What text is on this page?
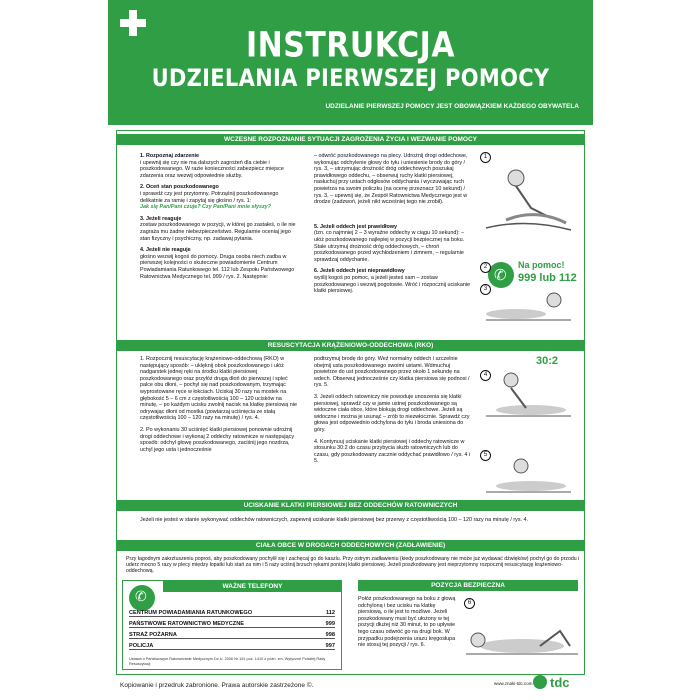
INSTRUKCJA
UDZIELANIA PIERWSZEJ POMOCY
UDZIELANIE PIERWSZEJ POMOCY JEST OBOWIĄZKIEM KAŻDEGO OBYWATELA
WCZESNE ROZPOZNANIE SYTUACJI ZAGROŻENIA ŻYCIA I WEZWANIE POMOCY
1. Rozpoznaj zdarzenie
i upewnij się czy nie ma dalszych zagrożeń dla ciebie i poszkodowanego. W razie konieczności zabezpiecz miejsce zdarzenia oraz wezwij odpowiednie służby.
2. Oceń stan poszkodowanego
i sprawdź czy jest przytomny. Potrząśnij poszkodowanego delikatnie za ramię i zapytaj się głośno / rys. 1:
Jak się Pan/Pani czuje? Czy Pan/Pani mnie słyszy?
3. Jeżeli reaguje
zostaw poszkodowanego w pozycji, w której go zastałeś, o ile nie zagraża mu żadne niebezpieczeństwo. Regularnie oceniaj jego stan fizyczny i psychiczny, np. zadawaj pytania.
4. Jeżeli nie reaguje
głośno wezwij kogoś do pomocy. Druga osoba niech zadba w pierwszej kolejności o skuteczne powiadomienie Centrum Powiadamiania Ratunkowego tel. 112 lub Zespołu Państwowego Ratownictwa Medycznego tel. 999 / rys. 2. Następnie:
– odwróć poszkodowanego na plecy. Udrożnij drogi oddechowe, wykonując odchylenie głowy do tyłu i uniesienie brody do góry / rys. 3, – utrzymując drożność dróg oddechowych poszukaj prawidłowego oddechu, – obserwuj ruchy klatki piersiowej, nasłuchuj przy ustach odgłosów oddychania i wyczuwając ruch powietrza na swoim policzku (na ocenę przeznacz 10 sekund) / rys. 3, – upewnij się, że Zespół Ratownictwa Medycznego jest w drodze (zadzwoń, jeżeli nikt wcześniej tego nie zrobił).
5. Jeżeli oddech jest prawidłowy
(tzn. co najmniej 2 – 3 wyraźne oddechy w ciągu 10 sekund): – ułóż poszkodowanego najlepiej w pozycji bezpiecznej na boku. Stale utrzymuj drożność dróg oddechowych, – chroń poszkodowanego przed wychłodzeniem i zimnem, – regularnie sprawdzaj oddychanie.
6. Jeżeli oddech jest nieprawidłowy
wyślij kogoś po pomoc, a jeżeli jesteś sam – zostaw poszkodowanego i wezwij pogotowie. Wróć i rozpocznij uciskanie klatki piersiowej.
1
✆
Na pomoc!
999 lub 112
2
3
RESUSCYTACJA KRĄŻENIOWO-ODDECHOWA (RKO)
1. Rozpocznij resuscytację krążeniowo-oddechową (RKO) w następujący sposób: – uklęknij obok poszkodowanego i ułóż nadgarstek jednej ręki na środku klatki piersiowej poszkodowanego oraz przyłóż drugą dłoń do pierwszej i spleć palce obu dłoni, – pochyl się nad poszkodowanym, trzymając wyprostowane ręce w łokciach. Uciskaj 30 razy na mostek na głębokość 5 – 6 cm z częstotliwością 100 – 120 ucisków na minutę, – po każdym ucisku zwolnij nacisk na klatkę piersiową nie odrywając dłoni od mostka (powtarzaj uciśnięcia ze stałą częstotliwością 100 – 120 razy na minutę) / rys. 4.
2. Po wykonaniu 30 uciśnięć klatki piersiowej ponownie udrożnij drogi oddechowe i wykonaj 2 oddechy ratownicze w następujący sposób: odchyl głowę poszkodowanego, zaciśnij jego nozdrza, uchyl jego usta i jednocześnie
podtrzymuj brodę do góry. Weź normalny oddech i szczelnie obejmij usta poszkodowanego swoimi ustami. Wdmuchuj powietrze do ust poszkodowanego przez około 1 sekundę na wdech. Obserwuj jednocześnie czy klatka piersiowa się podnosi / rys. 5.
3. Jeżeli oddech ratowniczy nie powoduje unoszenia się klatki piersiowej, sprawdź czy w jamie ustnej poszkodowanego są widoczne ciała obce, które blokują drogi oddechowe. Jeżeli są widoczne i można je usunąć – zrób to niezwłocznie. Sprawdź czy głowa jest odpowiednio odchylona do tyłu i broda uniesiona do góry.
4. Kontynuuj uciskanie klatki piersiowej i oddechy ratownicze w stosunku 30:2 do czasu przybycia służb ratowniczych lub do czasu, gdy poszkodowany zacznie oddychać prawidłowo / rys. 4 i 5.
30:2
4
5
UCISKANIE KLATKI PIERSIOWEJ BEZ ODDECHÓW RATOWNICZYCH
Jeżeli nie jesteś w stanie wykonywać oddechów ratowniczych, zapewnij uciskanie klatki piersiowej bez przerwy z częstotliwością 100 – 120 razy na minutę / rys. 4.
CIAŁA OBCE W DROGACH ODDECHOWYCH (ZADŁAWIENIE)
WAŻNE TELEFONY
✆
CENTRUM POWIADAMIANIA RATUNKOWEGO	112
PAŃSTWOWE RATOWNICTWO MEDYCZNE	999
STRAŻ POŻARNA	998
POLICJA	997
Ustawa o Państwowym Ratownictwie Medycznym Dz.U. 2006 Nr 191 poz. 1410 z późn. zm. Wytyczne Polskiej Rady Resuscytacji
POZYCJA BEZPIECZNA
Połóż poszkodowanego na boku z głową odchyloną i bez ucisku na klatkę piersiową, o ile jest to możliwe. Jeżeli poszkodowany musi być ułożony w tej pozycji dłużej niż 30 minut, to po upływie tego czasu odwróć go na drugi bok. W przypadku podejrzenia urazu kręgosłupa nie stosuj tej pozycji / rys. 6.
6
Kopiowanie i przedruk zabronione. Prawa autorskie zastrzeżone ©.	www.znaki-tdc.com tdc
Przy łagodnym zakrztuszeniu poproś, aby poszkodowany pochylił się i zachęcaj go do kaszlu. Przy ostrym zadławieniu (kiedy poszkodowany nie może już wydawać dźwięków) pochyl go do przodu i uderz mocno 5 razy w plecy między łopatki lub stań za nim i 5 razy uciśnij brzuch rękami poniżej klatki piersiowej. Jeżeli poszkodowany jest nieprzytomny rozpocznij resuscytację krążeniowo-oddechową.
